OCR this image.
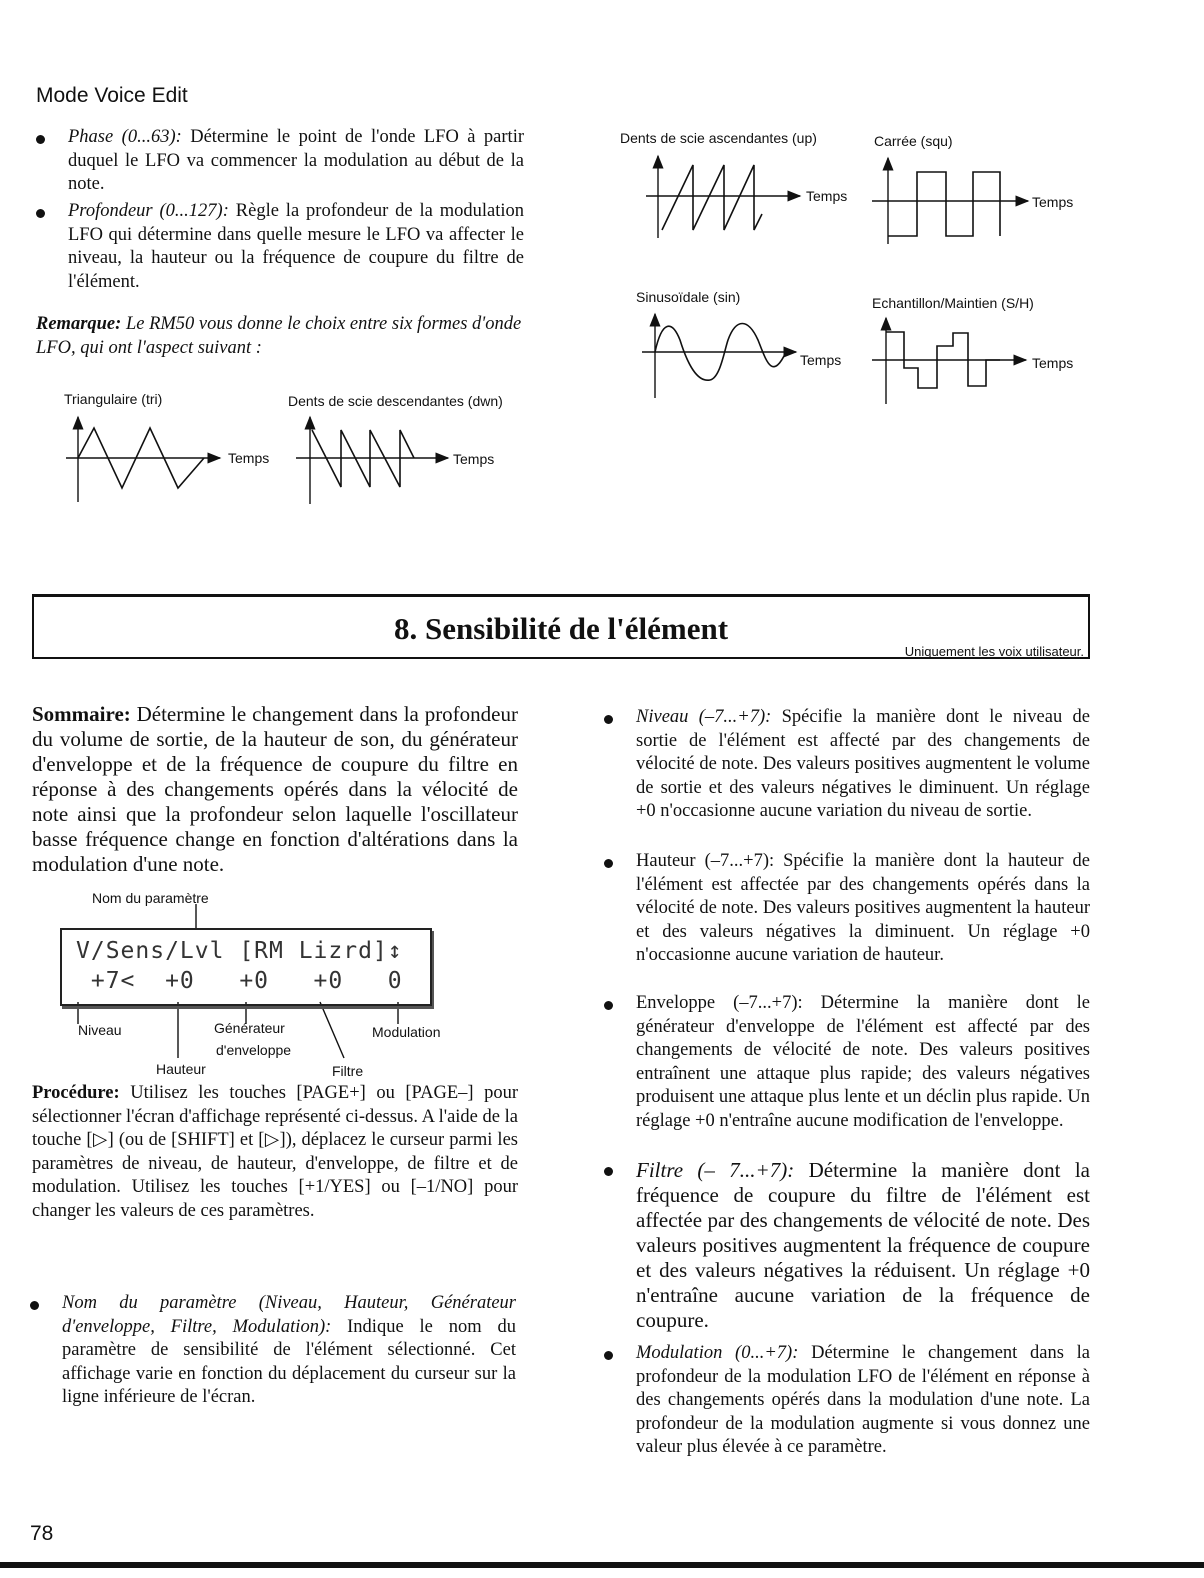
Mode Voice Edit
Phase (0...63): Détermine le point de l'onde LFO à partir duquel le LFO va commencer la modulation au début de la note.
Profondeur (0...127): Règle la profondeur de la modulation LFO qui détermine dans quelle mesure le LFO va affecter le niveau, la hauteur ou la fréquence de coupure du filtre de l'élément.
Remarque: Le RM50 vous donne le choix entre six formes d'onde LFO, qui ont l'aspect suivant :
Triangulaire (tri)	Dents de scie descendantes (dwn)
Dents de scie ascendantes (up)	Carrée (squ)
Sinusoïdale (sin)	Echantillon/Maintien (S/H)
Temps	Temps
Temps	Temps
Temps	Temps
8. Sensibilité de l'élément
Uniquement les voix utilisateur.
Sommaire: Détermine le changement dans la profondeur du volume de sortie, de la hauteur de son, du générateur d'enveloppe et de la fréquence de coupure du filtre en réponse à des changements opérés dans la vélocité de note ainsi que la profondeur selon laquelle l'oscillateur basse fréquence change en fonction d'altérations dans la modulation d'une note.
Nom du paramètre
V/Sens/Lvl [RM Lizrd]↕
+7<  +0   +0   +0   0
Niveau	Générateur
d'enveloppe
Modulation
Hauteur	Filtre
Procédure: Utilisez les touches [PAGE+] ou [PAGE–] pour sélectionner l'écran d'affichage représenté ci-dessus. A l'aide de la touche [▷] (ou de [SHIFT] et [▷]), déplacez le curseur parmi les paramètres de niveau, de hauteur, d'enveloppe, de filtre et de modulation. Utilisez les touches [+1/YES] ou [–1/NO] pour changer les valeurs de ces paramètres.
Nom du paramètre (Niveau, Hauteur, Générateur d'enveloppe, Filtre, Modulation): Indique le nom du paramètre de sensibilité de l'élément sélectionné. Cet affichage varie en fonction du déplacement du curseur sur la ligne inférieure de l'écran.
Niveau (–7...+7): Spécifie la manière dont le niveau de sortie de l'élément est affecté par des changements de vélocité de note. Des valeurs positives augmentent le volume de sortie et des valeurs négatives le diminuent. Un réglage +0 n'occasionne aucune variation du niveau de sortie.
Hauteur (–7...+7): Spécifie la manière dont la hauteur de l'élément est affectée par des changements opérés dans la vélocité de note. Des valeurs positives augmentent la hauteur et des valeurs négatives la diminuent. Un réglage +0 n'occasionne aucune variation de hauteur.
Enveloppe (–7...+7): Détermine la manière dont le générateur d'enveloppe de l'élément est affecté par des changements de vélocité de note. Des valeurs positives entraînent une attaque plus rapide; des valeurs négatives produisent une attaque plus lente et un déclin plus rapide. Un réglage +0 n'entraîne aucune modification de l'enveloppe.
Filtre (– 7...+7): Détermine la manière dont la fréquence de coupure du filtre de l'élément est affectée par des changements de vélocité de note. Des valeurs positives augmentent la fréquence de coupure et des valeurs négatives la réduisent. Un réglage +0 n'entraîne aucune variation de la fréquence de coupure.
Modulation (0...+7): Détermine le changement dans la profondeur de la modulation LFO de l'élément en réponse à des changements opérés dans la modulation d'une note. La profondeur de la modulation augmente si vous donnez une valeur plus élevée à ce paramètre.
78
